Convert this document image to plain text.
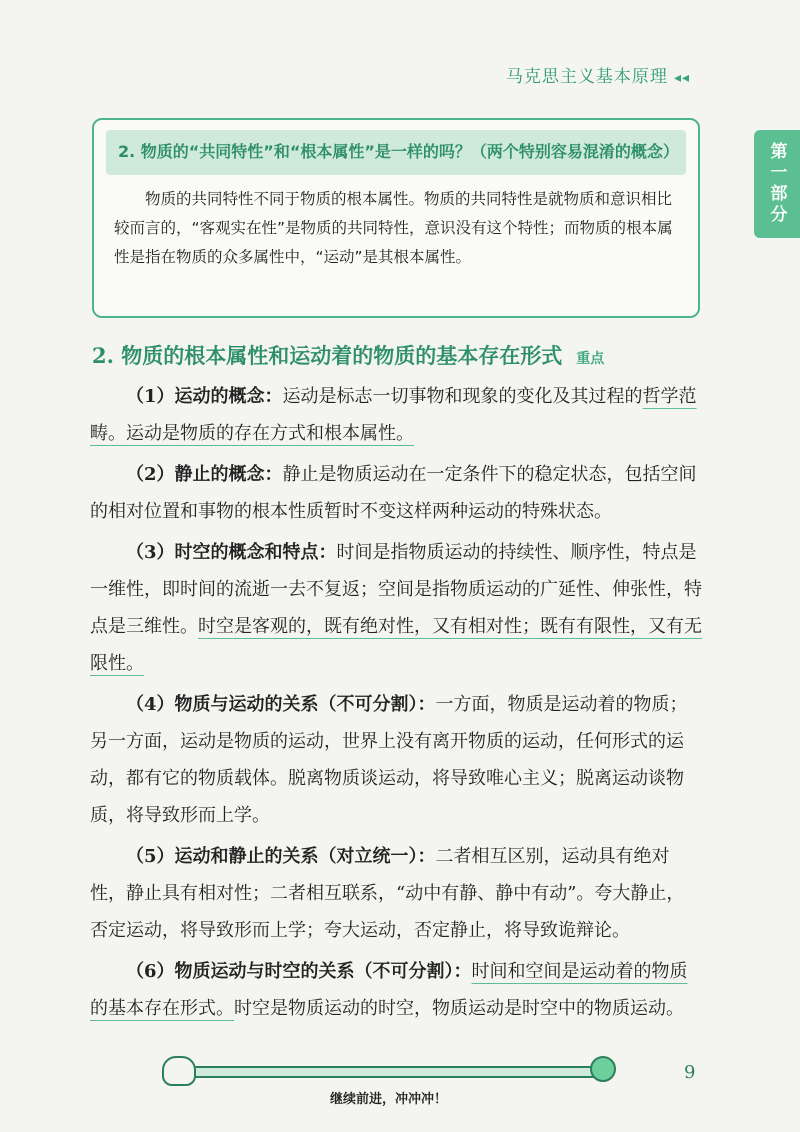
马克思主义基本原理 ◂◂
第一部分
2. 物质的“共同特性”和“根本属性”是一样的吗？（两个特别容易混淆的概念）
物质的共同特性不同于物质的根本属性。物质的共同特性是就物质和意识相比较而言的，“客观实在性”是物质的共同特性，意识没有这个特性；而物质的根本属性是指在物质的众多属性中，“运动”是其根本属性。
2. 物质的根本属性和运动着的物质的基本存在形式 重点

（1）运动的概念：运动是标志一切事物和现象的变化及其过程的哲学范畴。运动是物质的存在方式和根本属性。

（2）静止的概念：静止是物质运动在一定条件下的稳定状态，包括空间的相对位置和事物的根本性质暂时不变这样两种运动的特殊状态。

（3）时空的概念和特点：时间是指物质运动的持续性、顺序性，特点是一维性，即时间的流逝一去不复返；空间是指物质运动的广延性、伸张性，特点是三维性。时空是客观的，既有绝对性，又有相对性；既有有限性，又有无限性。

（4）物质与运动的关系（不可分割）：一方面，物质是运动着的物质；另一方面，运动是物质的运动，世界上没有离开物质的运动，任何形式的运动，都有它的物质载体。脱离物质谈运动，将导致唯心主义；脱离运动谈物质，将导致形而上学。

（5）运动和静止的关系（对立统一）：二者相互区别，运动具有绝对性，静止具有相对性；二者相互联系，“动中有静、静中有动”。夸大静止，否定运动，将导致形而上学；夸大运动，否定静止，将导致诡辩论。

（6）物质运动与时空的关系（不可分割）：时间和空间是运动着的物质的基本存在形式。时空是物质运动的时空，物质运动是时空中的物质运动。

9
继续前进，冲冲冲！
